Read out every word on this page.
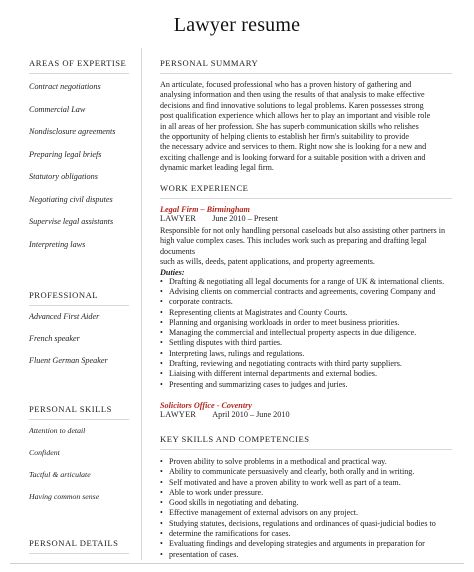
Lawyer resume
AREAS OF EXPERTISE
Contract negotiations
Commercial Law
Nondisclosure agreements
Preparing legal briefs
Statutory obligations
Negotiating civil disputes
Supervise legal assistants
Interpreting laws
PROFESSIONAL
Advanced First Aider
French speaker
Fluent German Speaker
PERSONAL SKILLS
Attention to detail
Confident
Tactful & articulate
Having common sense
PERSONAL DETAILS
PERSONAL SUMMARY

An articulate, focused professional who has a proven history of gathering and

analysing information and then using the results of that analysis to make effective

decisions and find innovative solutions to legal problems. Karen possesses strong

post qualification experience which allows her to play an important and visible role

in all areas of her profession. She has superb communication skills who relishes

the opportunity of helping clients to establish her firm's suitability to provide

the necessary advice and services to them. Right now she is looking for a new and

exciting challenge and is looking forward for a suitable position with a driven and

dynamic market leading legal firm.

WORK EXPERIENCE
Legal Firm – Birmingham
LAWYER June 2010 – Present

Responsible for not only handling personal caseloads but also assisting other partners in

high value complex cases. This includes work such as preparing and drafting legal documents

such as wills, deeds, patent applications, and property agreements.

Duties:
• Drafting & negotiating all legal documents for a range of UK & international clients.
• Advising clients on commercial contracts and agreements, covering Company and
• corporate contracts.
• Representing clients at Magistrates and County Courts.
• Planning and organising workloads in order to meet business priorities.
• Managing the commercial and intellectual property aspects in due diligence.
• Settling disputes with third parties.
• Interpreting laws, rulings and regulations.
• Drafting, reviewing and negotiating contracts with third party suppliers.
• Liaising with different internal departments and external bodies.
• Presenting and summarizing cases to judges and juries.
Solicitors Office - Coventry
LAWYER April 2010 – June 2010
KEY SKILLS AND COMPETENCIES
• Proven ability to solve problems in a methodical and practical way.
• Ability to communicate persuasively and clearly, both orally and in writing.
• Self motivated and have a proven ability to work well as part of a team.
• Able to work under pressure.
• Good skills in negotiating and debating.
• Effective management of external advisors on any project.
• Studying statutes, decisions, regulations and ordinances of quasi-judicial bodies to
• determine the ramifications for cases.
• Evaluating findings and developing strategies and arguments in preparation for
• presentation of cases.
